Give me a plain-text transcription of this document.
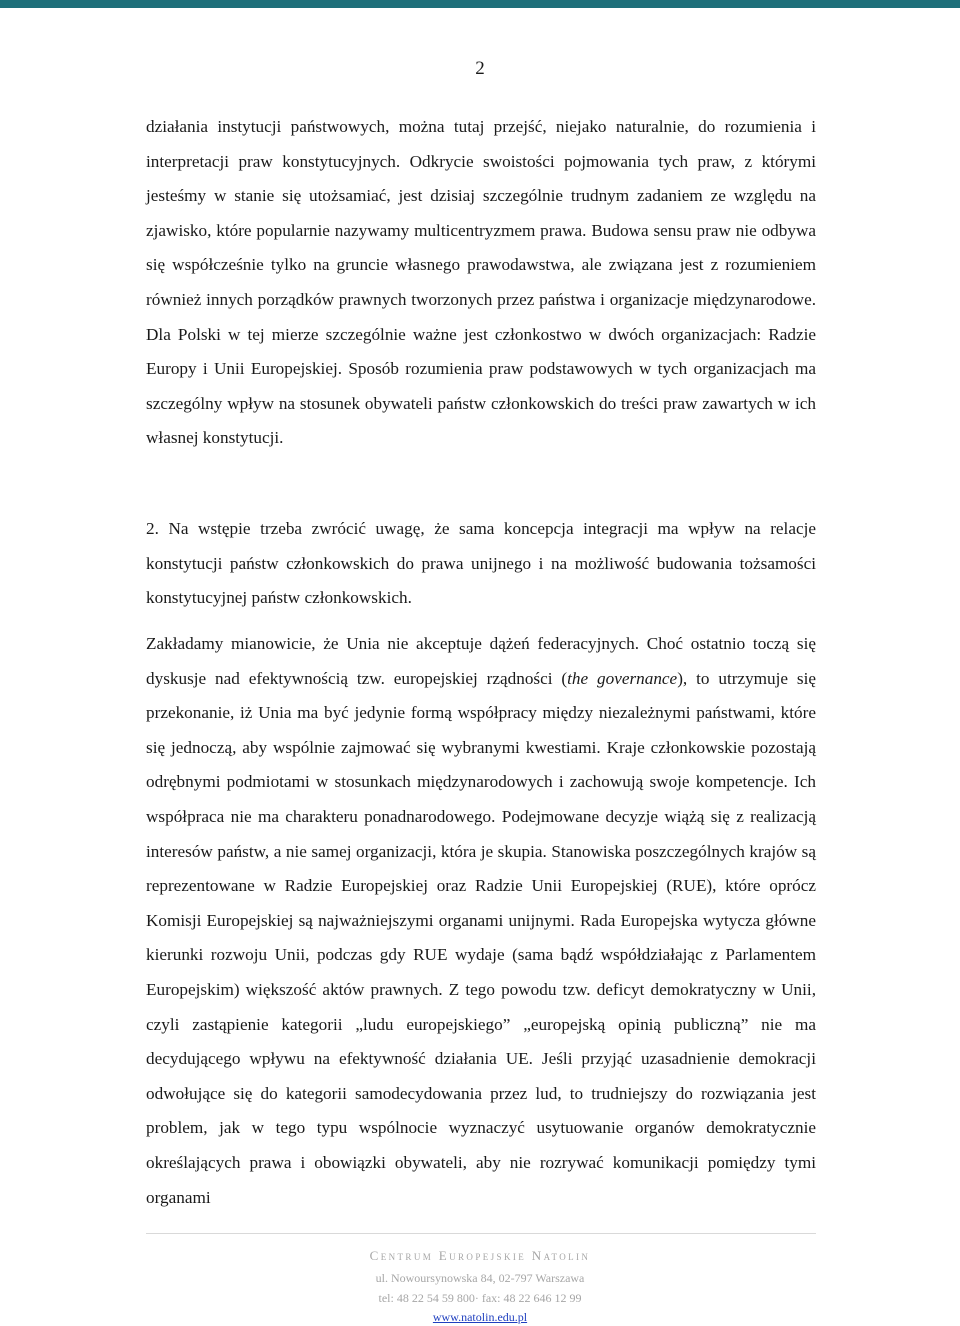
2

działania instytucji państwowych, można tutaj przejść, niejako naturalnie, do rozumienia i interpretacji praw konstytucyjnych. Odkrycie swoistości pojmowania tych praw, z którymi jesteśmy w stanie się utożsamiać, jest dzisiaj szczególnie trudnym zadaniem ze względu na zjawisko, które popularnie nazywamy multicentryzmem prawa. Budowa sensu praw nie odbywa się współcześnie tylko na gruncie własnego prawodawstwa, ale związana jest z rozumieniem również innych porządków prawnych tworzonych przez państwa i organizacje międzynarodowe. Dla Polski w tej mierze szczególnie ważne jest członkostwo w dwóch organizacjach: Radzie Europy i Unii Europejskiej. Sposób rozumienia praw podstawowych w tych organizacjach ma szczególny wpływ na stosunek obywateli państw członkowskich do treści praw zawartych w ich własnej konstytucji.

2. Na wstępie trzeba zwrócić uwagę, że sama koncepcja integracji ma wpływ na relacje konstytucji państw członkowskich do prawa unijnego i na możliwość budowania tożsamości konstytucyjnej państw członkowskich.

Zakładamy mianowicie, że Unia nie akceptuje dążeń federacyjnych. Choć ostatnio toczą się dyskusje nad efektywnością tzw. europejskiej rządności (the governance), to utrzymuje się przekonanie, iż Unia ma być jedynie formą współpracy między niezależnymi państwami, które się jednoczą, aby wspólnie zajmować się wybranymi kwestiami. Kraje członkowskie pozostają odrębnymi podmiotami w stosunkach międzynarodowych i zachowują swoje kompetencje. Ich współpraca nie ma charakteru ponadnarodowego. Podejmowane decyzje wiążą się z realizacją interesów państw, a nie samej organizacji, która je skupia. Stanowiska poszczególnych krajów są reprezentowane w Radzie Europejskiej oraz Radzie Unii Europejskiej (RUE), które oprócz Komisji Europejskiej są najważniejszymi organami unijnymi. Rada Europejska wytycza główne kierunki rozwoju Unii, podczas gdy RUE wydaje (sama bądź współdziałając z Parlamentem Europejskim) większość aktów prawnych. Z tego powodu tzw. deficyt demokratyczny w Unii, czyli zastąpienie kategorii „ludu europejskiego” „europejską opinią publiczną” nie ma decydującego wpływu na efektywność działania UE. Jeśli przyjąć uzasadnienie demokracji odwołujące się do kategorii samodecydowania przez lud, to trudniejszy do rozwiązania jest problem, jak w tego typu wspólnocie wyznaczyć usytuowanie organów demokratycznie określających prawa i obowiązki obywateli, aby nie rozrywać komunikacji pomiędzy tymi organami

Centrum Europejskie Natolin
ul. Nowoursynowska 84, 02-797 Warszawa
tel: 48 22 54 59 800· fax: 48 22 646 12 99
www.natolin.edu.pl
